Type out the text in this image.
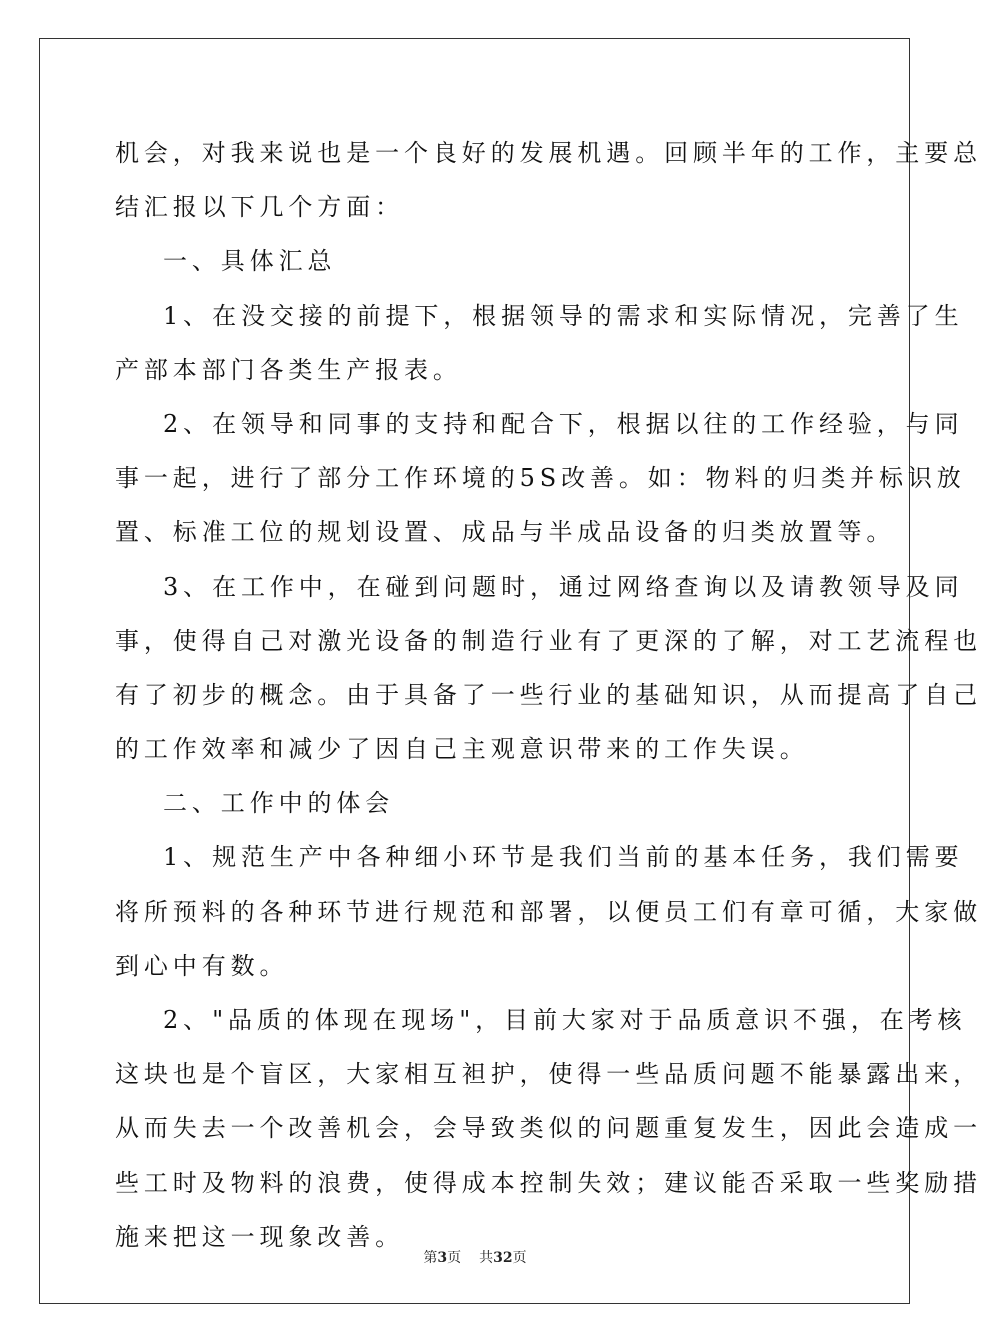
机会，对我来说也是一个良好的发展机遇。回顾半年的工作，主要总
结汇报以下几个方面：
一、具体汇总
1、在没交接的前提下，根据领导的需求和实际情况，完善了生
产部本部门各类生产报表。
2、在领导和同事的支持和配合下，根据以往的工作经验，与同
事一起，进行了部分工作环境的5S改善。如：物料的归类并标识放
置、标准工位的规划设置、成品与半成品设备的归类放置等。
3、在工作中，在碰到问题时，通过网络查询以及请教领导及同
事，使得自己对激光设备的制造行业有了更深的了解，对工艺流程也
有了初步的概念。由于具备了一些行业的基础知识，从而提高了自己
的工作效率和减少了因自己主观意识带来的工作失误。
二、工作中的体会
1、规范生产中各种细小环节是我们当前的基本任务，我们需要
将所预料的各种环节进行规范和部署，以便员工们有章可循，大家做
到心中有数。
2、"品质的体现在现场"，目前大家对于品质意识不强，在考核
这块也是个盲区，大家相互袒护，使得一些品质问题不能暴露出来，
从而失去一个改善机会，会导致类似的问题重复发生，因此会造成一
些工时及物料的浪费，使得成本控制失效；建议能否采取一些奖励措
施来把这一现象改善。
第3页 共32页
